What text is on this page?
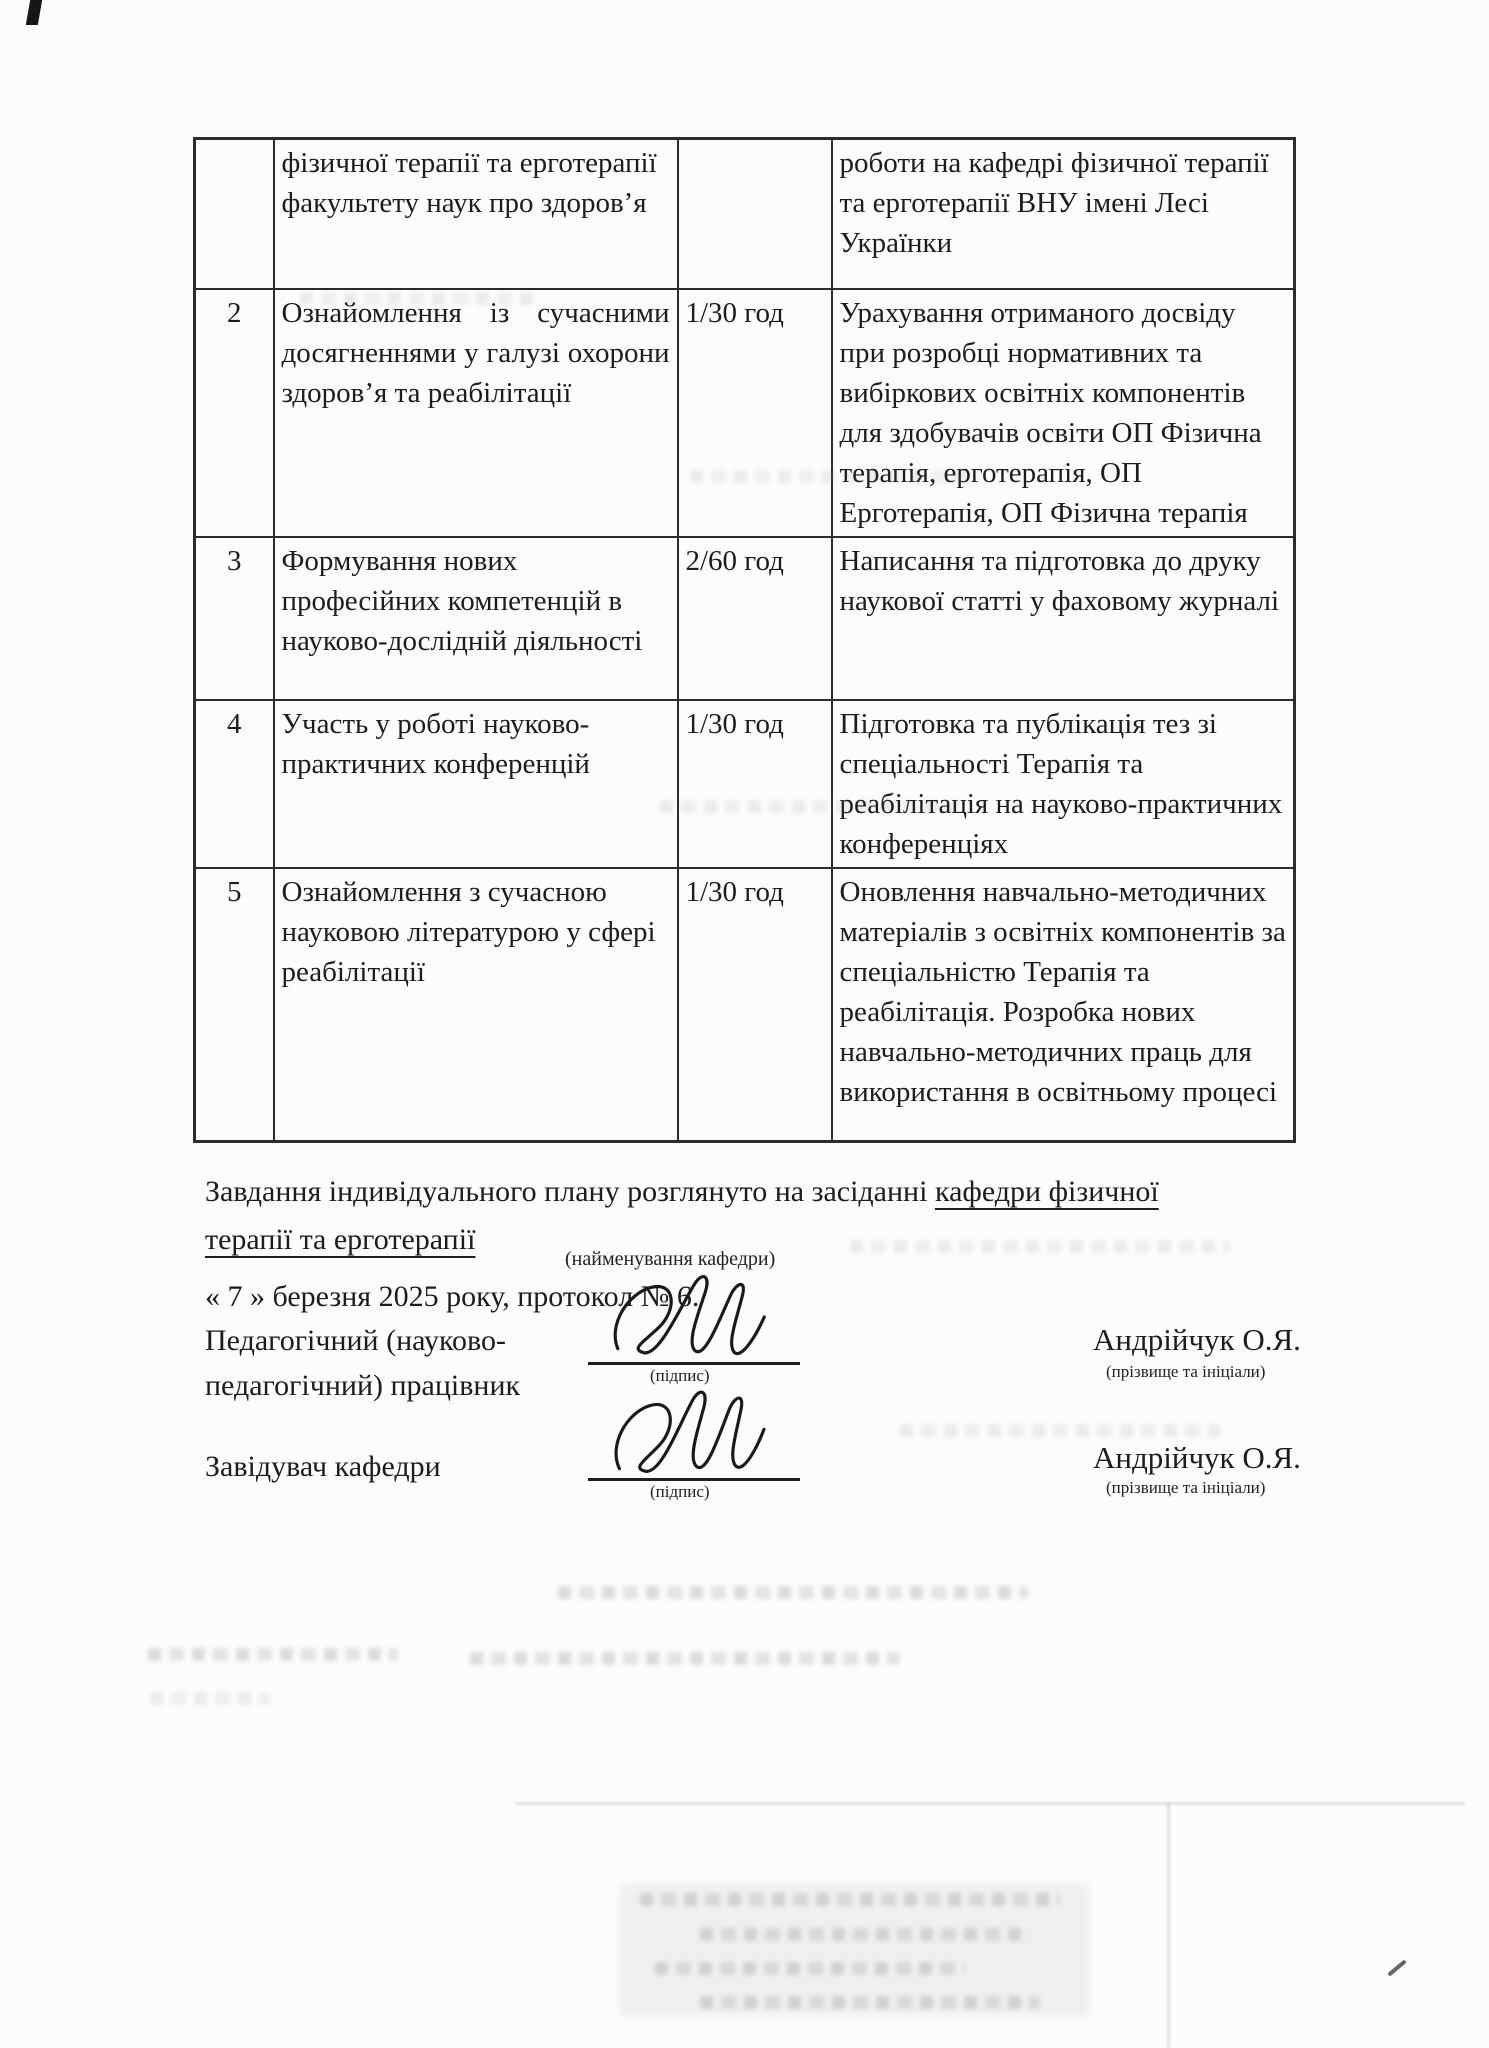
	фізичної терапії та ерготерапії факультету наук про здоров’я		роботи на кафедрі фізичної терапії та ерготерапії ВНУ імені Лесі Українки
2	Ознайомлення із сучасними досягненнями у галузі охорони здоров’я та реабілітації	1/30 год	Урахування отриманого досвіду при розробці нормативних та вибіркових освітніх компонентів для здобувачів освіти ОП Фізична терапія, ерготерапія, ОП Ерготерапія, ОП Фізична терапія
3	Формування нових професійних компетенцій в науково-дослідній діяльності	2/60 год	Написання та підготовка до друку наукової статті у фаховому журналі
4	Участь у роботі науково-практичних конференцій	1/30 год	Підготовка та публікація тез зі спеціальності Терапія та реабілітація на науково-практичних конференціях
5	Ознайомлення з сучасною науковою літературою у сфері реабілітації	1/30 год	Оновлення навчально-методичних матеріалів з освітніх компонентів за спеціальністю Терапія та реабілітація. Розробка нових навчально-методичних праць для використання в освітньому процесі
Завдання індивідуального плану розглянуто на засіданні кафедри фізичної
терапії та ерготерапії
(найменування кафедри)
« 7 » березня 2025 року, протокол № 6.
Педагогічний (науково-педагогічний) працівник
Завідувач кафедри
(підпис)
Андрійчук О.Я.
(прізвище та ініціали)
(підпис)
Андрійчук О.Я.
(прізвище та ініціали)
